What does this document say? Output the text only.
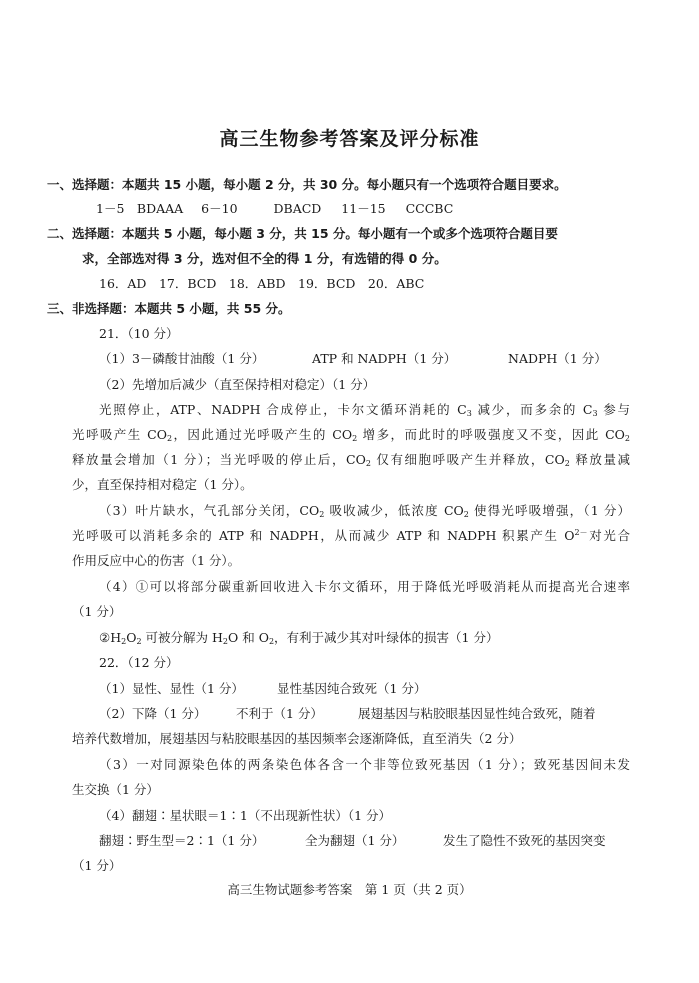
高三生物参考答案及评分标准
一、选择题：本题共 15 小题，每小题 2 分，共 30 分。每小题只有一个选项符合题目要求。
1－5　BDAAA 6－10	DBACD 11－15 CCCBC
二、选择题：本题共 5 小题，每小题 3 分，共 15 分。每小题有一个或多个选项符合题目要
求，全部选对得 3 分，选对但不全的得 1 分，有选错的得 0 分。
16．AD　17．BCD　18．ABD　19．BCD　20．ABC
三、非选择题：本题共 5 小题，共 55 分。
21．（10 分）
（1）3－磷酸甘油酸（1 分）	ATP 和 NADPH（1 分）	NADPH（1 分）
（2）先增加后减少（直至保持相对稳定）（1 分）
光照停止，ATP、NADPH 合成停止，卡尔文循环消耗的 $C_3$ 减少，而多余的 $C_3$ 参与
光呼吸产生 $CO_2$，因此通过光呼吸产生的 $CO_2$ 增多，而此时的呼吸强度又不变，因此 $CO_2$
释放量会增加（1 分）；当光呼吸的停止后，$CO_2$ 仅有细胞呼吸产生并释放，$CO_2$ 释放量减
少，直至保持相对稳定（1 分）。
（3）叶片缺水，气孔部分关闭，$CO_2$ 吸收减少，低浓度 $CO_2$ 使得光呼吸增强，（1 分）
光呼吸可以消耗多余的 ATP 和 NADPH，从而减少 ATP 和 NADPH 积累产生 $O^{2-}$对光合
作用反应中心的伤害（1 分）。
（4）①可以将部分碳重新回收进入卡尔文循环，用于降低光呼吸消耗从而提高光合速率
（1 分）
$②H_2O_2$ 可被分解为 $H_2O$ 和 $O_2$，有利于减少其对叶绿体的损害（1 分）
22．（12 分）
（1）显性、显性（1 分）	显性基因纯合致死（1 分）
（2）下降（1 分） 不利于（1 分）	展翅基因与粘胶眼基因显性纯合致死，随着
培养代数增加，展翅基因与粘胶眼基因的基因频率会逐渐降低，直至消失（2 分）
（3）一对同源染色体的两条染色体各含一个非等位致死基因（1 分）；致死基因间未发
生交换（1 分）
（4）翻翅∶星状眼＝1∶1（不出现新性状）（1 分）
翻翅∶野生型＝2∶1（1 分）	全为翻翅（1 分）	发生了隐性不致死的基因突变
（1 分）
高三生物试题参考答案　第 1 页（共 2 页）
